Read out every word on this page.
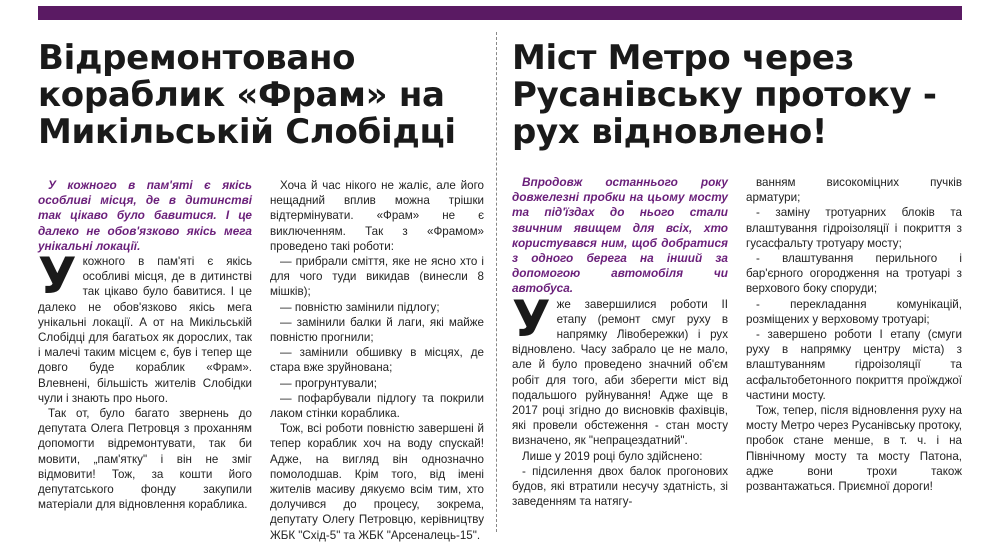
Відремонтовано
кораблик «Фрам» на
Микільській Слобідці

У кожного в пам'яті є якісь особливі місця, де в дитинстві так цікаво було бавитися. І це далеко не обов'язково якісь мега унікальні локації.

Укожного в пам'яті є якісь особливі місця, де в дитинстві так цікаво було бавитися. І це далеко не обов'язково якісь мега унікальні локації. А от на Микільській Слобідці для багатьох як дорослих, так і малечі таким місцем є, був і тепер ще довго буде кораблик «Фрам». Влевнені, більшість жителів Слобідки чули і знають про нього.

Так от, було багато звернень до депутата Олега Петровця з проханням допомогти відремонтувати, так би мовити, „пам'ятку" і він не зміг відмовити! Тож, за кошти його депутатського фонду закупили матеріали для відновлення кораблика.

Хоча й час нікого не жаліє, але його нещадний вплив можна трішки відтермінувати. «Фрам» не є виключенням. Так з «Фрамом» проведено такі роботи:

— прибрали сміття, яке не ясно хто і для чого туди викидав (винесли 8 мішків);

— повністю замінили підлогу;

— замінили балки й лаги, які майже повністю прогнили;

— замінили обшивку в місцях, де стара вже зруйнована;

— прогрунтували;

— пофарбували підлогу та покрили лаком стінки кораблика.

Тож, всі роботи повністю завершені й тепер кораблик хоч на воду спускай! Адже, на вигляд він однозначно помолодшав. Крім того, від імені жителів масиву дякуємо всім тим, хто долучився до процесу, зокрема, депутату Олегу Петровцю, керівництву ЖБК "Схід-5" та ЖБК "Арсеналець-15".

Міст Метро через
Русанівську протоку -
рух відновлено!

Впродовж останнього року довжелезні пробки на цьому мосту та під'їздах до нього стали звичним явищем для всіх, хто користувався ним, щоб добратися з одного берега на інший за допомогою автомобіля чи автобуса.

Уже завершилися роботи ІІ етапу (ремонт смуг руху в напрямку Лівобережки) і рух відновлено. Часу забрало це не мало, але й було проведено значний об'єм робіт для того, аби зберегти міст від подальшого руйнування! Адже ще в 2017 році згідно до висновків фахівців, які провели обстеження - стан мосту визначено, як "непрацездатний".

Лише у 2019 році було здійснено:

- підсилення двох балок прогонових будов, які втратили несучу здатність, зі заведенням та натягу-

ванням високоміцних пучків арматури;

- заміну тротуарних блоків та влаштування гідроізоляції і покриття з гусасфальту тротуару мосту;

- влаштування перильного і бар'єрного огородження на тротуарі з верхового боку споруди;

- перекладання комунікацій, розміщених у верховому тротуарі;

- завершено роботи І етапу (смуги руху в напрямку центру міста) з влаштуванням гідроізоляції та асфальтобетонного покриття проїжджої частини мосту.

Тож, тепер, після відновлення руху на мосту Метро через Русанівську протоку, пробок стане менше, в т. ч. і на Північному мосту та мосту Патона, адже вони трохи також розвантажаться. Приємної дороги!
